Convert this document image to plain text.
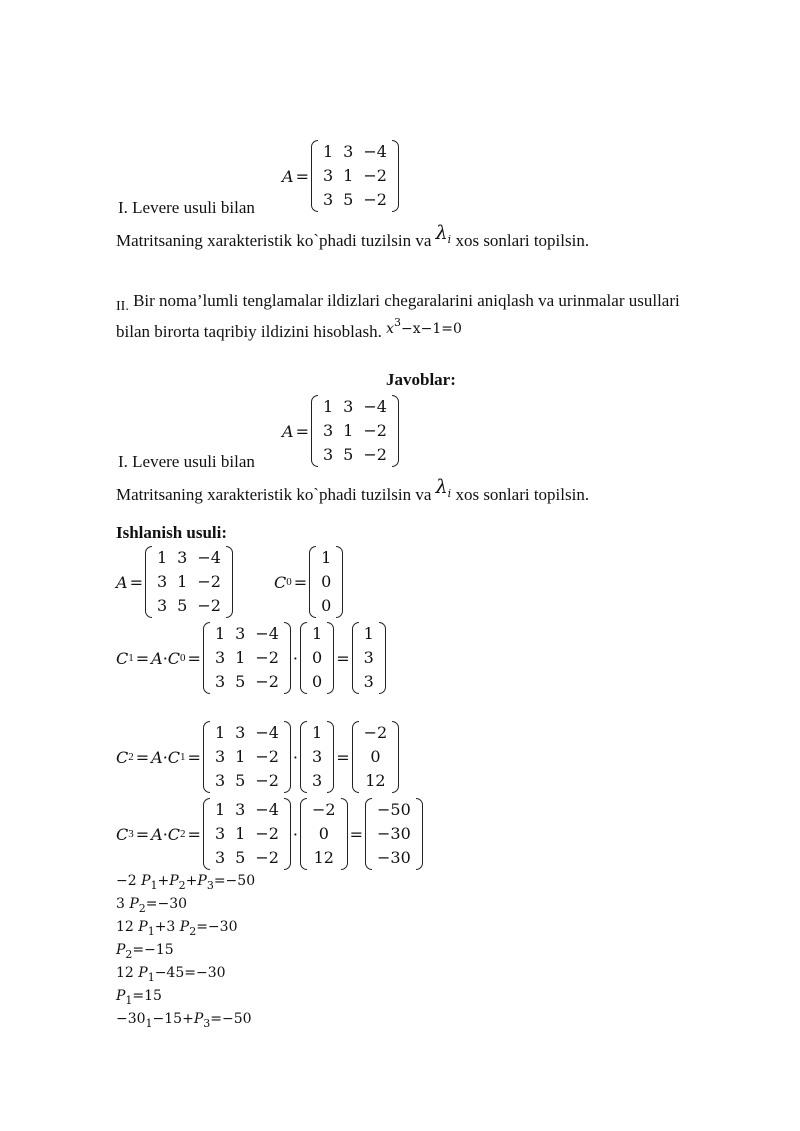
A =
1	3	−4
3	1	−2
3	5	−2
I. Levere usuli bilan
Matritsaning xarakteristik ko`phadi tuzilsin va $\lambda_i$ xos sonlari topilsin.
$_{II.}$ Bir noma’lumli tenglamalar ildizlari chegaralarini aniqlash va urinmalar usullari
bilan birorta taqribiy ildizini hisoblash. $^{x^3-x-1=0}$
Javoblar:
A =
1	3	−4
3	1	−2
3	5	−2
I. Levere usuli bilan
Matritsaning xarakteristik ko`phadi tuzilsin va $\lambda_i$ xos sonlari topilsin.
Ishlanish usuli:
A =
1	3	−4
3	1	−2
3	5	−2
C 0 =
1
0
0
C 1 = A·C 0 =
1	3	−4
3	1	−2
3	5	−2
·
1
0
0
=
1
3
3
C 2 = A·C 1 =
1	3	−4
3	1	−2
3	5	−2
·
1
3
3
=
−2
0
12
C 3 = A·C 2 =
1	3	−4
3	1	−2
3	5	−2
·
−2
0
12
=
−50
−30
−30
−2 $P_1+P_2+P_3=-50$
3 $P_2=-30$
12 $P_1+3$ $P_2=-30$
$P_2=-15$
12 $P_1-45=-30$
$P_1=15$
$-30_1-15+P_3=-50$
